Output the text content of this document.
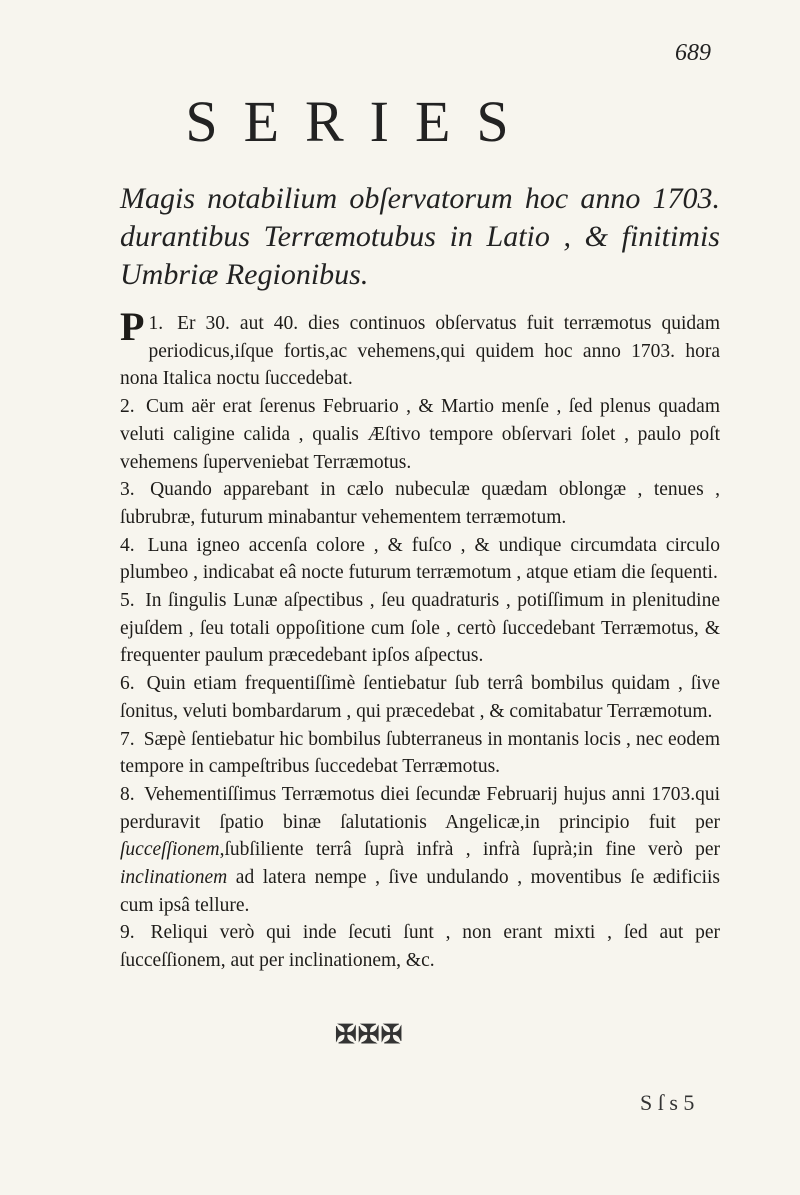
689
SERIES
Magis notabilium obſervatorum hoc anno 1703. durantibus Terræmotubus in Latio , & finitimis Umbriæ Regionibus.

1.
P Er 30. aut 40. dies continuos obſervatus fuit terræmotus quidam periodicus,iſque fortis,ac vehemens,qui quidem hoc anno 1703. hora nona Italica noctu ſuccedebat.

2. Cum aër erat ſerenus Februario , & Martio menſe , ſed plenus quadam veluti caligine calida , qualis Æſtivo tempore obſervari ſolet , paulo poſt vehemens ſuperveniebat Terræmotus.

3. Quando apparebant in cælo nubeculæ quædam oblongæ , tenues , ſubrubræ, futurum minabantur vehementem terræmotum.

4. Luna igneo accenſa colore , & fuſco , & undique circumdata circulo plumbeo , indicabat eâ nocte futurum terræmotum , atque etiam die ſequenti.

5. In ſingulis Lunæ aſpectibus , ſeu quadraturis , potiſſimum in plenitudine ejuſdem , ſeu totali oppoſitione cum ſole , certò ſuccedebant Terræmotus, & frequenter paulum præcedebant ipſos aſpectus.

6. Quin etiam frequentiſſimè ſentiebatur ſub terrâ bombilus quidam , ſive ſonitus, veluti bombardarum , qui præcedebat , & comitabatur Terræmotum.

7. Sæpè ſentiebatur hic bombilus ſubterraneus in montanis locis , nec eodem tempore in campeſtribus ſuccedebat Terræmotus.

8. Vehementiſſimus Terræmotus diei ſecundæ Februarij hujus anni 1703.qui perduravit ſpatio binæ ſalutationis Angelicæ,in principio fuit per ſucceſſionem,ſubſiliente terrâ ſuprà infrà , infrà ſuprà;in fine verò per inclinationem ad latera nempe , ſive undulando , moventibus ſe ædificiis cum ipsâ tellure.

9. Reliqui verò qui inde ſecuti ſunt , non erant mixti , ſed aut per ſucceſſionem, aut per inclinationem, &c.

✠✠✠
S ſ s 5
